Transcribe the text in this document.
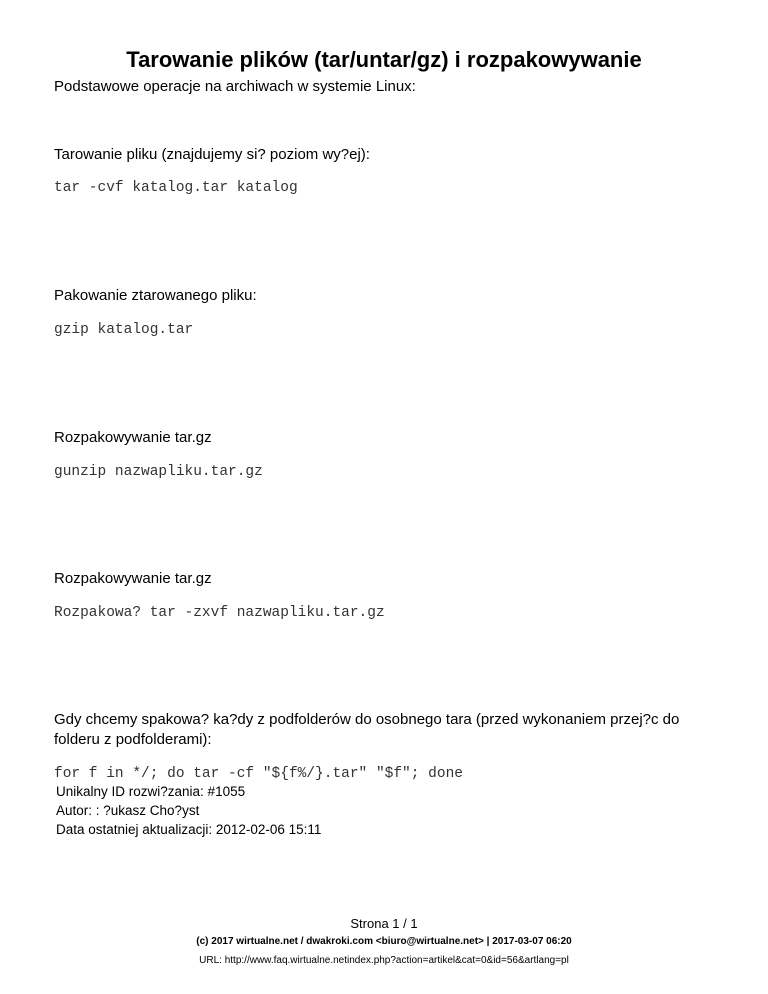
Tarowanie plików (tar/untar/gz) i rozpakowywanie
Podstawowe operacje na archiwach w systemie Linux:
Tarowanie pliku (znajdujemy si? poziom wy?ej):
tar -cvf katalog.tar katalog
Pakowanie ztarowanego pliku:
gzip katalog.tar
Rozpakowywanie tar.gz
gunzip nazwapliku.tar.gz
Rozpakowywanie tar.gz
Rozpakowa? tar -zxvf nazwapliku.tar.gz
Gdy chcemy spakowa? ka?dy z podfolderów do osobnego tara (przed wykonaniem przej?c do folderu z podfolderami):
for f in */; do tar -cf "${f%/}.tar" "$f"; done
Unikalny ID rozwi?zania: #1055
Autor: : ?ukasz Cho?yst
Data ostatniej aktualizacji: 2012-02-06 15:11
Strona 1 / 1
(c) 2017 wirtualne.net / dwakroki.com <biuro@wirtualne.net> | 2017-03-07 06:20
URL: http://www.faq.wirtualne.netindex.php?action=artikel&cat=0&id=56&artlang=pl
